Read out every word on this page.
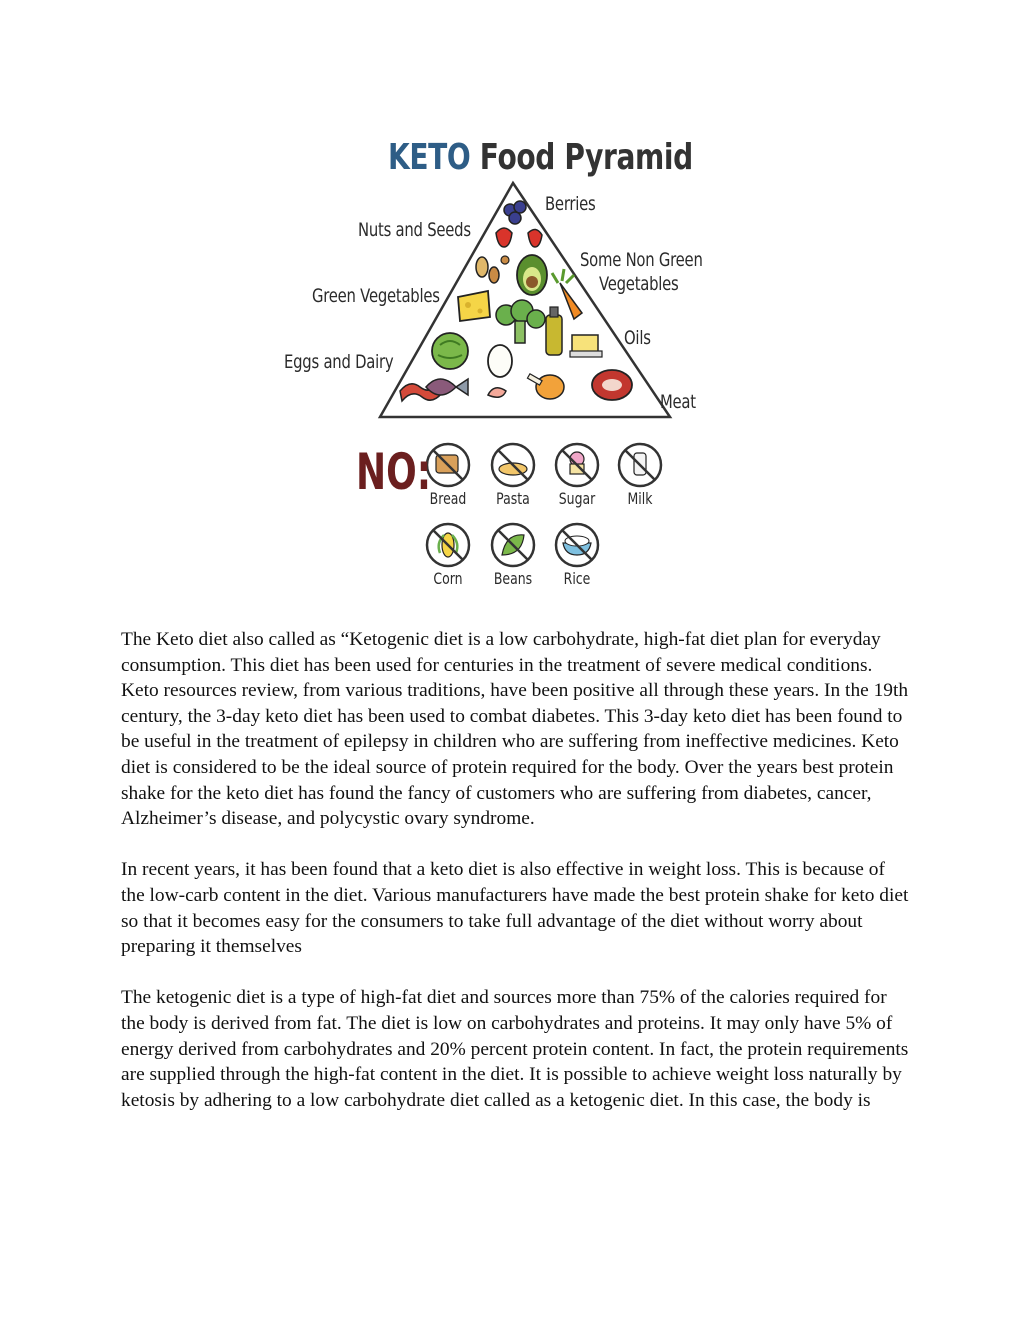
KETO Food Pyramid
Berries
Nuts and Seeds
Some Non Green
Vegetables
Green Vegetables
Oils
Eggs and Dairy
Meat
NO:
Bread	Pasta	Sugar	Milk
Corn	Beans	Rice

The Keto diet also called as “Ketogenic diet is a low carbohydrate, high-fat diet plan for everyday consumption. This diet has been used for centuries in the treatment of severe medical conditions. Keto resources review, from various traditions, have been positive all through these years. In the 19th century, the 3-day keto diet has been used to combat diabetes. This 3-day keto diet has been found to be useful in the treatment of epilepsy in children who are suffering from ineffective medicines. Keto diet is considered to be the ideal source of protein required for the body. Over the years best protein shake for the keto diet has found the fancy of customers who are suffering from diabetes, cancer, Alzheimer’s disease, and polycystic ovary syndrome.

In recent years, it has been found that a keto diet is also effective in weight loss. This is because of the low-carb content in the diet. Various manufacturers have made the best protein shake for keto diet so that it becomes easy for the consumers to take full advantage of the diet without worry about preparing it themselves

The ketogenic diet is a type of high-fat diet and sources more than 75% of the calories required for the body is derived from fat. The diet is low on carbohydrates and proteins. It may only have 5% of energy derived from carbohydrates and 20% percent protein content. In fact, the protein requirements are supplied through the high-fat content in the diet. It is possible to achieve weight loss naturally by ketosis by adhering to a low carbohydrate diet called as a ketogenic diet. In this case, the body is
